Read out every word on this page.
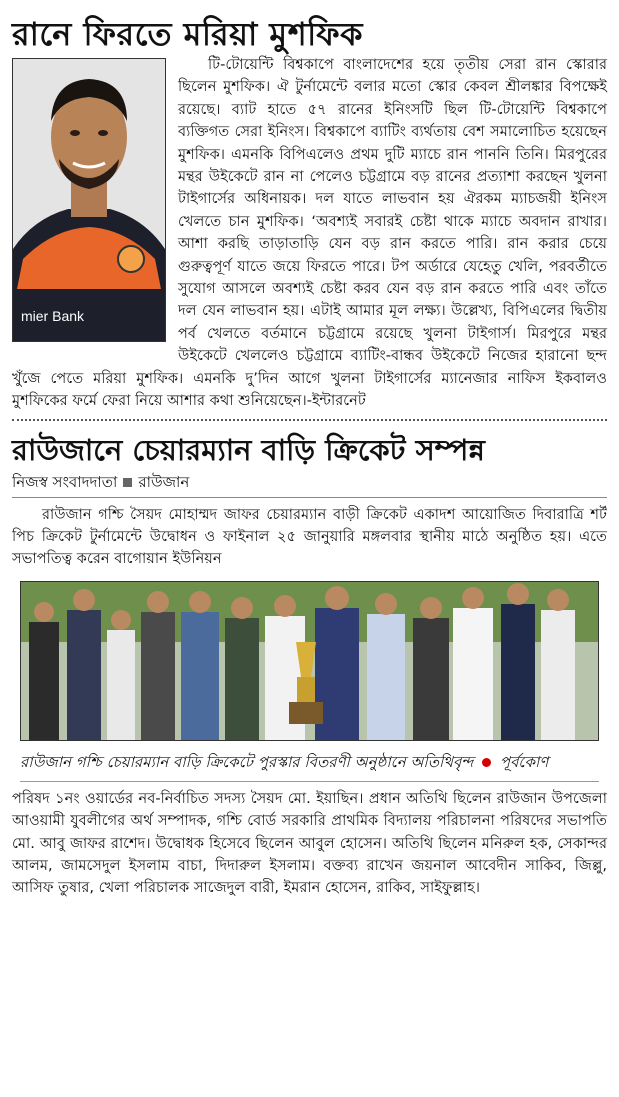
রানে ফিরতে মরিয়া মুশফিক
mier Bank

টি-টোয়েন্টি বিশ্বকাপে বাংলাদেশের হয়ে তৃতীয় সেরা রান স্কোরার ছিলেন মুশফিক। ঐ টুর্নামেন্টে বলার মতো স্কোর কেবল শ্রীলঙ্কার বিপক্ষেই রয়েছে। ব্যাট হাতে ৫৭ রানের ইনিংসটি ছিল টি-টোয়েন্টি বিশ্বকাপে ব্যক্তিগত সেরা ইনিংস। বিশ্বকাপে ব্যাটিং ব্যর্থতায় বেশ সমালোচিত হয়েছেন মুশফিক। এমনকি বিপিএলেও প্রথম দুটি ম্যাচে রান পাননি তিনি। মিরপুরের মন্থর উইকেটে রান না পেলেও চট্টগ্রামে বড় রানের প্রত্যাশা করছেন খুলনা টাইগার্সের অধিনায়ক। দল যাতে লাভবান হয় ঐরকম ম্যাচজয়ী ইনিংস খেলতে চান মুশফিক। ‘অবশ্যই সবারই চেষ্টা থাকে ম্যাচে অবদান রাখার। আশা করছি তাড়াতাড়ি যেন বড় রান করতে পারি। রান করার চেয়ে গুরুত্বপূর্ণ যাতে জয়ে ফিরতে পারে। টপ অর্ডারে যেহেতু খেলি, পরবর্তীতে সুযোগ আসলে অবশ্যই চেষ্টা করব যেন বড় রান করতে পারি এবং তাঁতে দল যেন লাভবান হয়। এটাই আমার মূল লক্ষ্য। উল্লেখ্য, বিপিএলের দ্বিতীয় পর্ব খেলতে বর্তমানে চট্টগ্রামে রয়েছে খুলনা টাইগার্স। মিরপুরে মন্থর উইকেটে খেললেও চট্টগ্রামে ব্যাটিং-বান্ধব উইকেটে নিজের হারানো ছন্দ খুঁজে পেতে মরিয়া মুশফিক। এমনকি দু’দিন আগে খুলনা টাইগার্সের ম্যানেজার নাফিস ইকবালও মুশফিকের ফর্মে ফেরা নিয়ে আশার কথা শুনিয়েছেন।-ইন্টারনেট

রাউজানে চেয়ারম্যান বাড়ি ক্রিকেট সম্পন্ন
নিজস্ব সংবাদদাতা রাউজান

রাউজান গশ্চি সৈয়দ মোহাম্মদ জাফর চেয়ারম্যান বাড়ী ক্রিকেট একাদশ আয়োজিত দিবারাত্রি শর্ট পিচ ক্রিকেট টুর্নামেন্টে উদ্বোধন ও ফাইনাল ২৫ জানুয়ারি মঙ্গলবার স্থানীয় মাঠে অনুষ্ঠিত হয়। এতে সভাপতিত্ব করেন বাগোয়ান ইউনিয়ন

রাউজান গশ্চি চেয়ারম্যান বাড়ি ক্রিকেটে পুরস্কার বিতরণী অনুষ্ঠানে অতিথিবৃন্দ পূর্বকোণ

পরিষদ ১নং ওয়ার্ডের নব-নির্বাচিত সদস্য সৈয়দ মো. ইয়াছিন। প্রধান অতিথি ছিলেন রাউজান উপজেলা আওয়ামী যুবলীগের অর্থ সম্পাদক, গশ্চি বোর্ড সরকারি প্রাথমিক বিদ্যালয় পরিচালনা পরিষদের সভাপতি মো. আবু জাফর রাশেদ। উদ্বোধক হিসেবে ছিলেন আবুল হোসেন। অতিথি ছিলেন মনিরুল হক, সেকান্দর আলম, জামসেদুল ইসলাম বাচা, দিদারুল ইসলাম। বক্তব্য রাখেন জয়নাল আবেদীন সাকিব, জিল্লু, আসিফ তুষার, খেলা পরিচালক সাজেদুল বারী, ইমরান হোসেন, রাকিব, সাইফুল্লাহ।
